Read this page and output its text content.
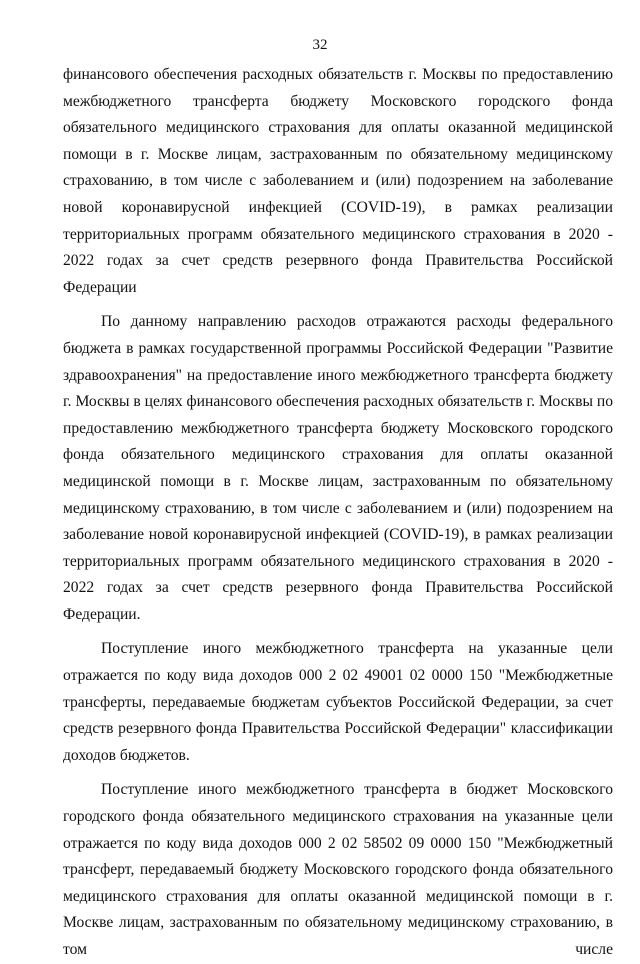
32

финансового обеспечения расходных обязательств г. Москвы по предоставлению межбюджетного трансферта бюджету Московского городского фонда обязательного медицинского страхования для оплаты оказанной медицинской помощи в г. Москве лицам, застрахованным по обязательному медицинскому страхованию, в том числе с заболеванием и (или) подозрением на заболевание новой коронавирусной инфекцией (COVID-19), в рамках реализации территориальных программ обязательного медицинского страхования в 2020 - 2022 годах за счет средств резервного фонда Правительства Российской Федерации

По данному направлению расходов отражаются расходы федерального бюджета в рамках государственной программы Российской Федерации "Развитие здравоохранения" на предоставление иного межбюджетного трансферта бюджету г. Москвы в целях финансового обеспечения расходных обязательств г. Москвы по предоставлению межбюджетного трансферта бюджету Московского городского фонда обязательного медицинского страхования для оплаты оказанной медицинской помощи в г. Москве лицам, застрахованным по обязательному медицинскому страхованию, в том числе с заболеванием и (или) подозрением на заболевание новой коронавирусной инфекцией (COVID-19), в рамках реализации территориальных программ обязательного медицинского страхования в 2020 - 2022 годах за счет средств резервного фонда Правительства Российской Федерации.

Поступление иного межбюджетного трансферта на указанные цели отражается по коду вида доходов 000 2 02 49001 02 0000 150 "Межбюджетные трансферты, передаваемые бюджетам субъектов Российской Федерации, за счет средств резервного фонда Правительства Российской Федерации" классификации доходов бюджетов.

Поступление иного межбюджетного трансферта в бюджет Московского городского фонда обязательного медицинского страхования на указанные цели отражается по коду вида доходов 000 2 02 58502 09 0000 150 "Межбюджетный трансферт, передаваемый бюджету Московского городского фонда обязательного медицинского страхования для оплаты оказанной медицинской помощи в г. Москве лицам, застрахованным по обязательному медицинскому страхованию, в том числе
